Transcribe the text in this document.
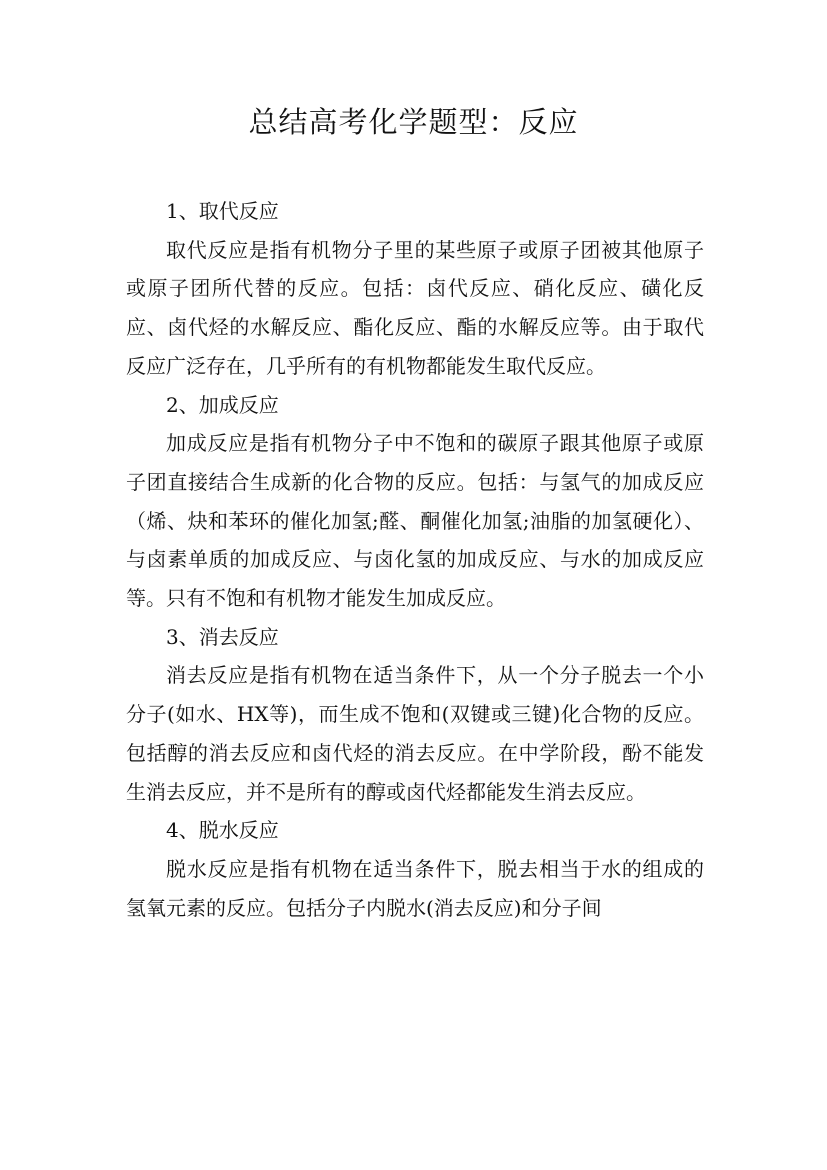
总结高考化学题型：反应

1、取代反应

取代反应是指有机物分子里的某些原子或原子团被其他原子或原子团所代替的反应。包括：卤代反应、硝化反应、磺化反应、卤代烃的水解反应、酯化反应、酯的水解反应等。由于取代反应广泛存在，几乎所有的有机物都能发生取代反应。

2、加成反应

加成反应是指有机物分子中不饱和的碳原子跟其他原子或原子团直接结合生成新的化合物的反应。包括：与氢气的加成反应（烯、炔和苯环的催化加氢;醛、酮催化加氢;油脂的加氢硬化）、与卤素单质的加成反应、与卤化氢的加成反应、与水的加成反应等。只有不饱和有机物才能发生加成反应。

3、消去反应

消去反应是指有机物在适当条件下，从一个分子脱去一个小分子(如水、HX等)，而生成不饱和(双键或三键)化合物的反应。包括醇的消去反应和卤代烃的消去反应。在中学阶段，酚不能发生消去反应，并不是所有的醇或卤代烃都能发生消去反应。

4、脱水反应

脱水反应是指有机物在适当条件下，脱去相当于水的组成的氢氧元素的反应。包括分子内脱水(消去反应)和分子间
